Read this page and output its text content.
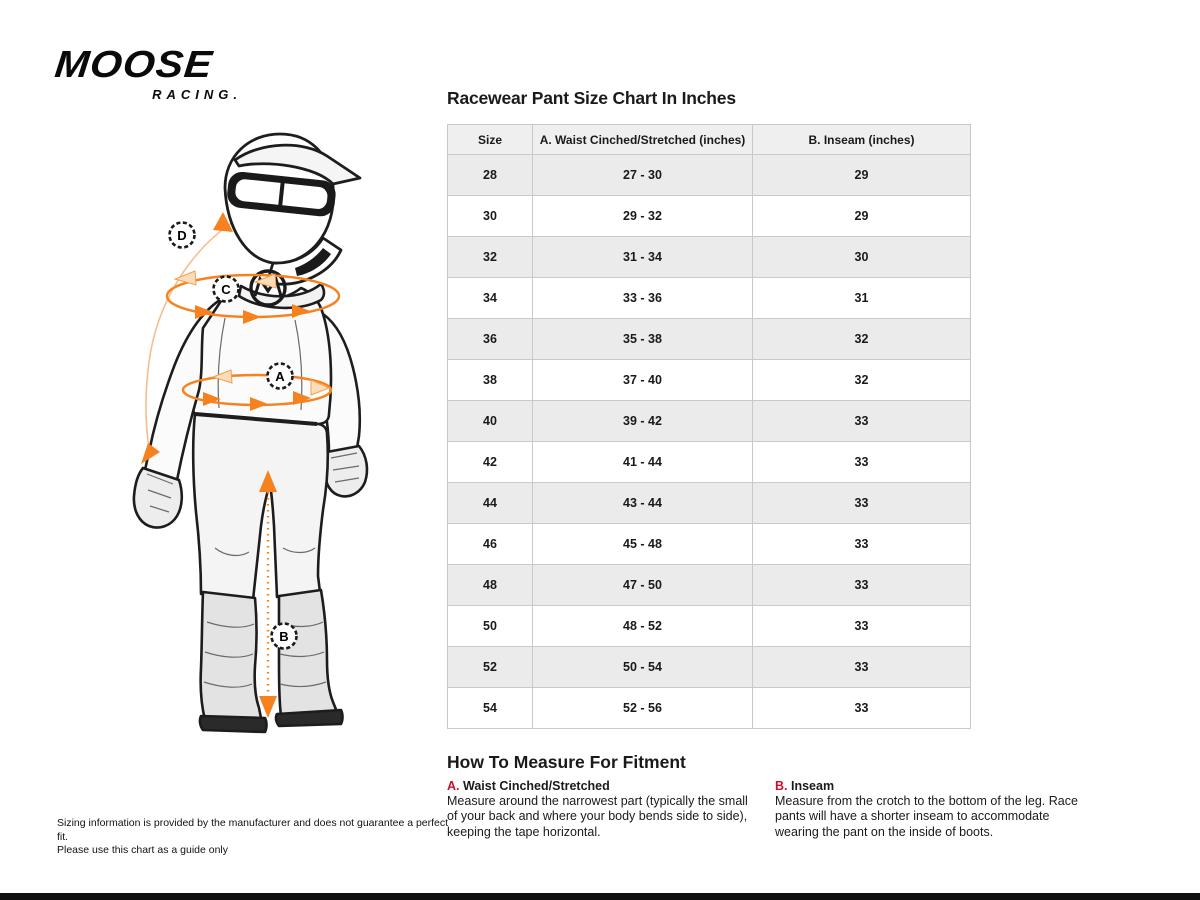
MOOSE
RACING.
D
C
A
B
Racewear Pant Size Chart In Inches
Size	A. Waist Cinched/Stretched (inches)	B. Inseam (inches)
28	27 - 30	29
30	29 - 32	29
32	31 - 34	30
34	33 - 36	31
36	35 - 38	32
38	37 - 40	32
40	39 - 42	33
42	41 - 44	33
44	43 - 44	33
46	45 - 48	33
48	47 - 50	33
50	48 - 52	33
52	50 - 54	33
54	52 - 56	33
How To Measure For Fitment
A. Waist Cinched/Stretched
Measure around the narrowest part (typically the small of your back and where your body bends side to side), keeping the tape horizontal.
B. Inseam
Measure from the crotch to the bottom of the leg. Race pants will have a shorter inseam to accommodate wearing the pant on the inside of boots.
Sizing information is provided by the manufacturer and does not guarantee a perfect fit.
Please use this chart as a guide only
